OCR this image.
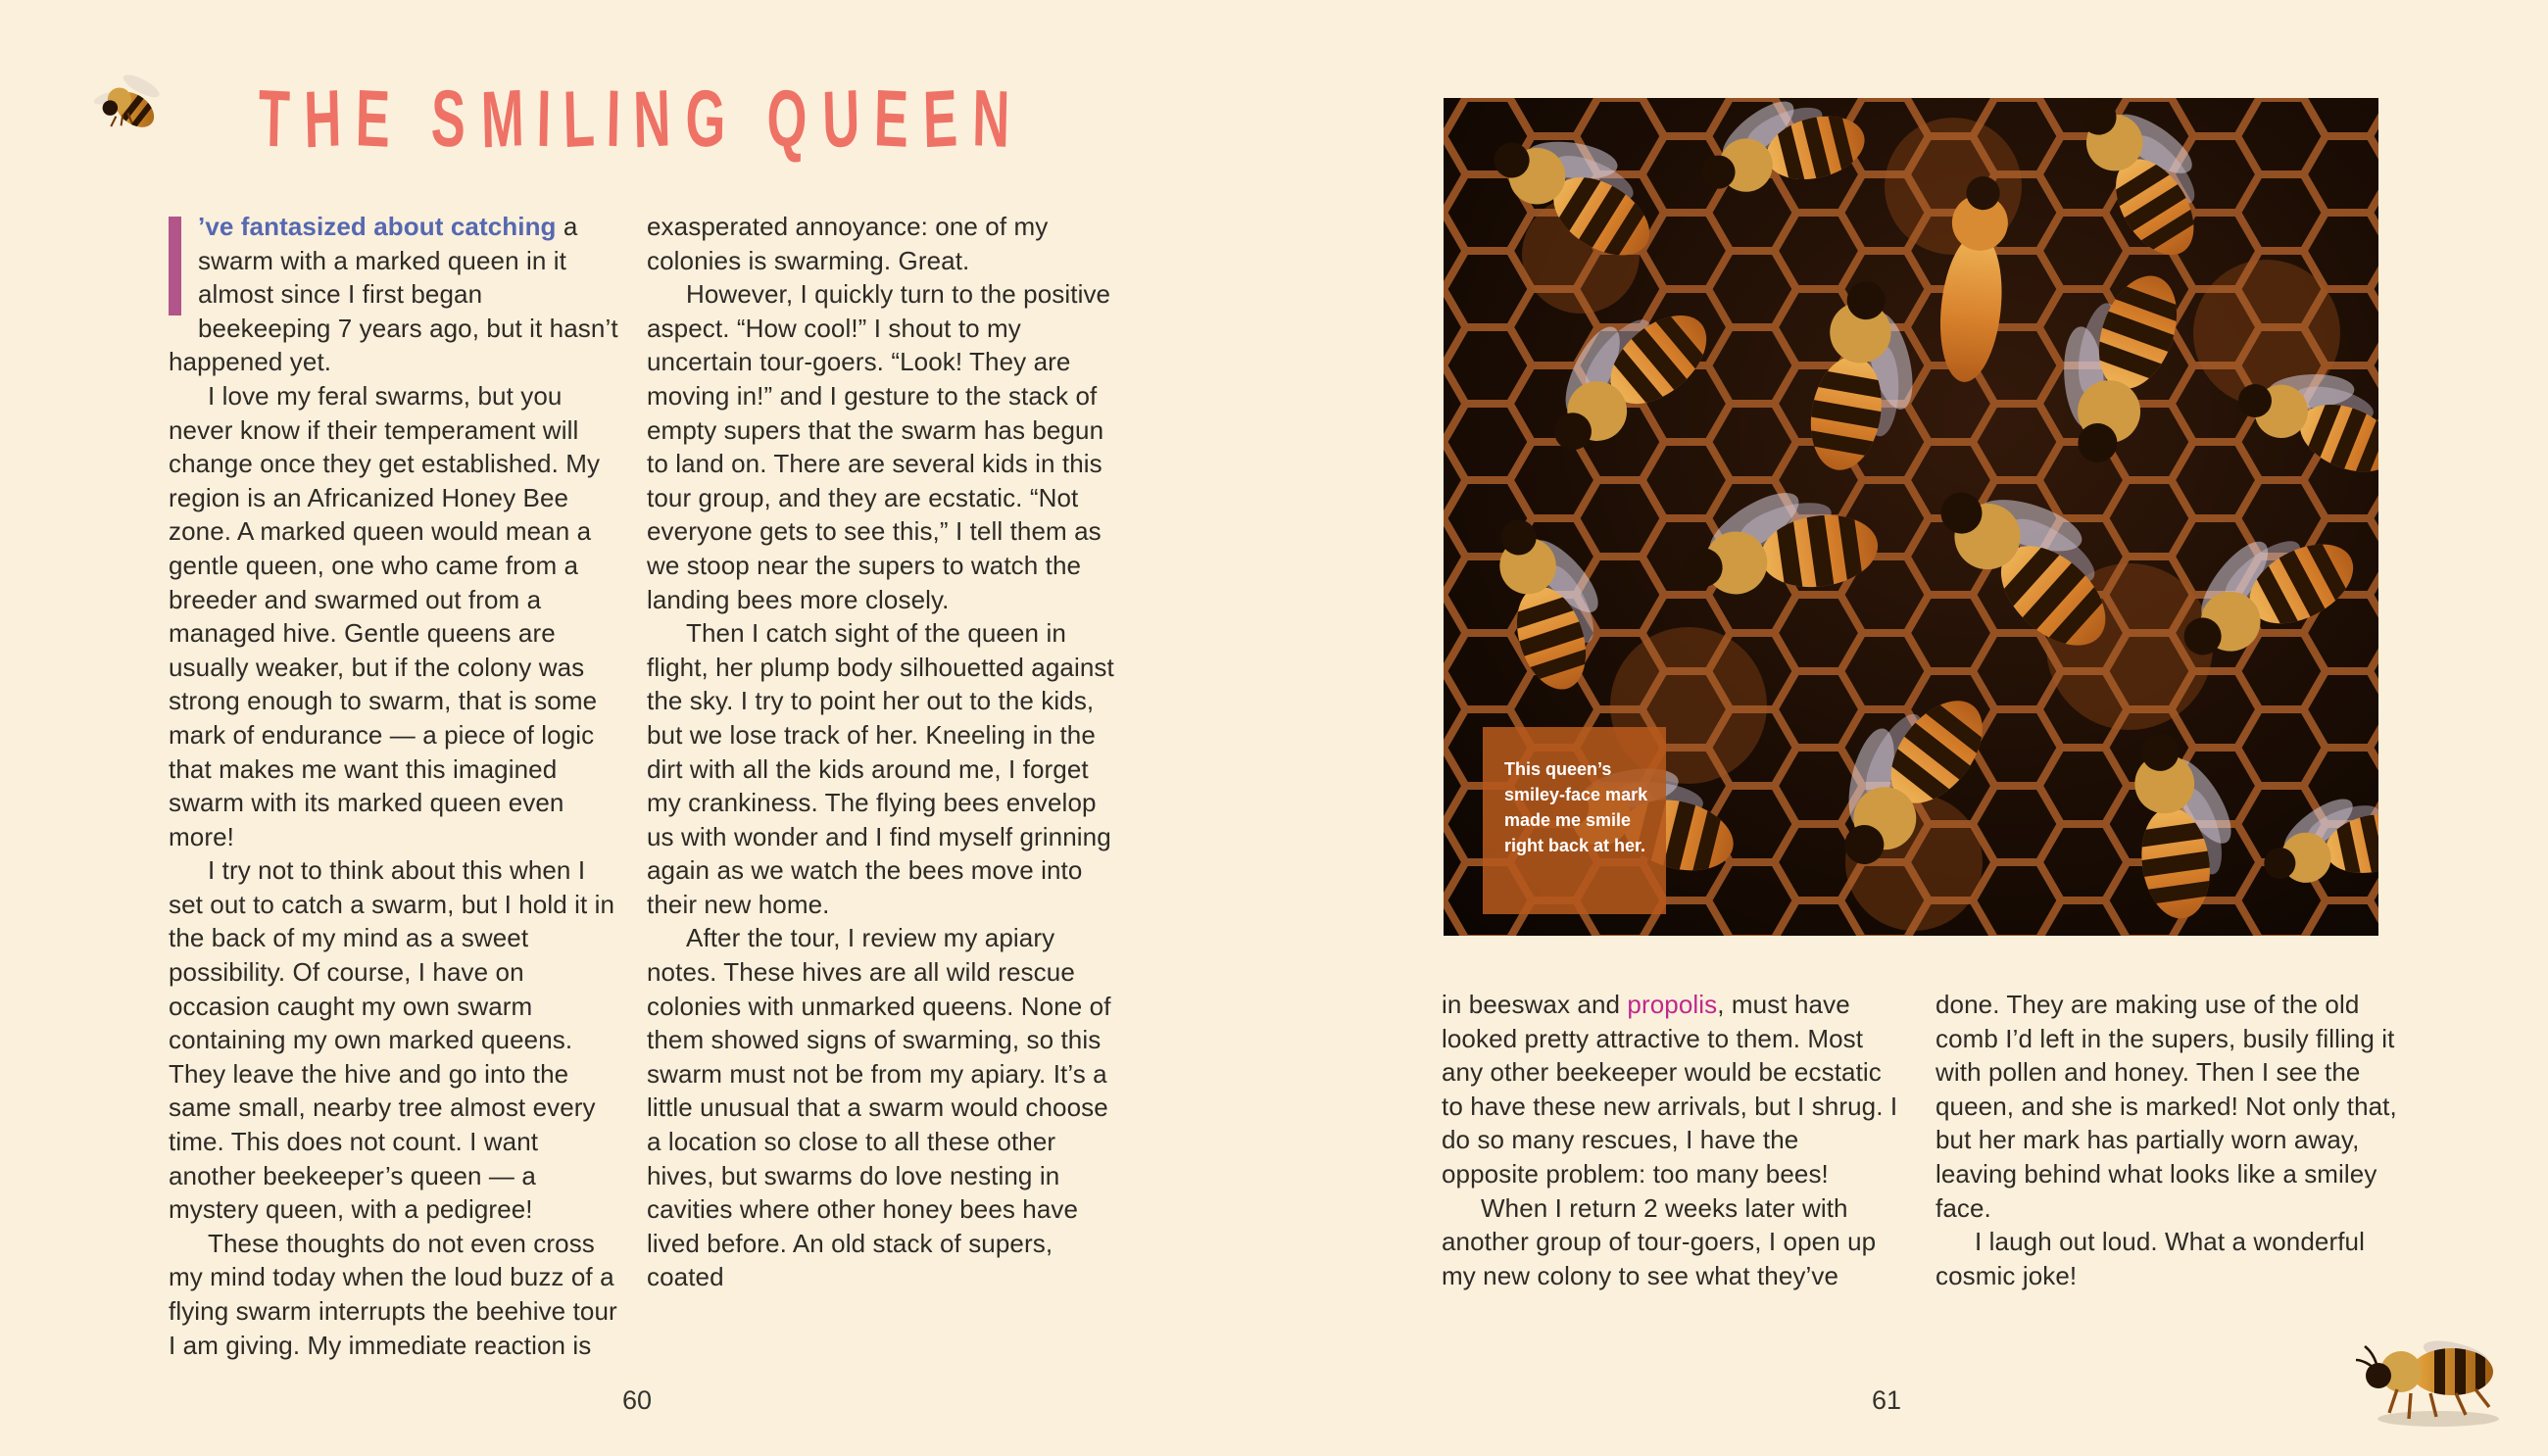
T H E S MILIN G Q U E E N

’ve fantasized about catching a swarm with a marked queen in it almost since I first began beekeeping 7 years ago, but it hasn’t happened yet.

I love my feral swarms, but you never know if their temperament will change once they get established. My region is an Africanized Honey Bee zone. A marked queen would mean a gentle queen, one who came from a breeder and swarmed out from a managed hive. Gentle queens are usually weaker, but if the colony was strong enough to swarm, that is some mark of endurance — a piece of logic that makes me want this imagined swarm with its marked queen even more!

I try not to think about this when I set out to catch a swarm, but I hold it in the back of my mind as a sweet possibility. Of course, I have on occasion caught my own swarm containing my own marked queens. They leave the hive and go into the same small, nearby tree almost every time. This does not count. I want another beekeeper’s queen — a mystery queen, with a pedigree!

These thoughts do not even cross my mind today when the loud buzz of a flying swarm interrupts the beehive tour I am giving. My immediate reaction is

exasperated annoyance: one of my colonies is swarming. Great.

However, I quickly turn to the positive aspect. “How cool!” I shout to my uncertain tour-goers. “Look! They are moving in!” and I gesture to the stack of empty supers that the swarm has begun to land on. There are several kids in this tour group, and they are ecstatic. “Not everyone gets to see this,” I tell them as we stoop near the supers to watch the landing bees more closely.

Then I catch sight of the queen in flight, her plump body silhouetted against the sky. I try to point her out to the kids, but we lose track of her. Kneeling in the dirt with all the kids around me, I forget my crankiness. The flying bees envelop us with wonder and I find myself grinning again as we watch the bees move into their new home.

After the tour, I review my apiary notes. These hives are all wild rescue colonies with unmarked queens. None of them showed signs of swarming, so this swarm must not be from my apiary. It’s a little unusual that a swarm would choose a location so close to all these other hives, but swarms do love nesting in cavities where other honey bees have lived before. An old stack of supers, coated

This queen’s smiley-face mark made me smile right back at her.

in beeswax and propolis, must have looked pretty attractive to them. Most any other beekeeper would be ecstatic to have these new arrivals, but I shrug. I do so many rescues, I have the opposite problem: too many bees!

When I return 2 weeks later with another group of tour-goers, I open up my new colony to see what they’ve

done. They are making use of the old comb I’d left in the supers, busily filling it with pollen and honey. Then I see the queen, and she is marked! Not only that, but her mark has partially worn away, leaving behind what looks like a smiley face.

I laugh out loud. What a wonderful cosmic joke!

60	61
